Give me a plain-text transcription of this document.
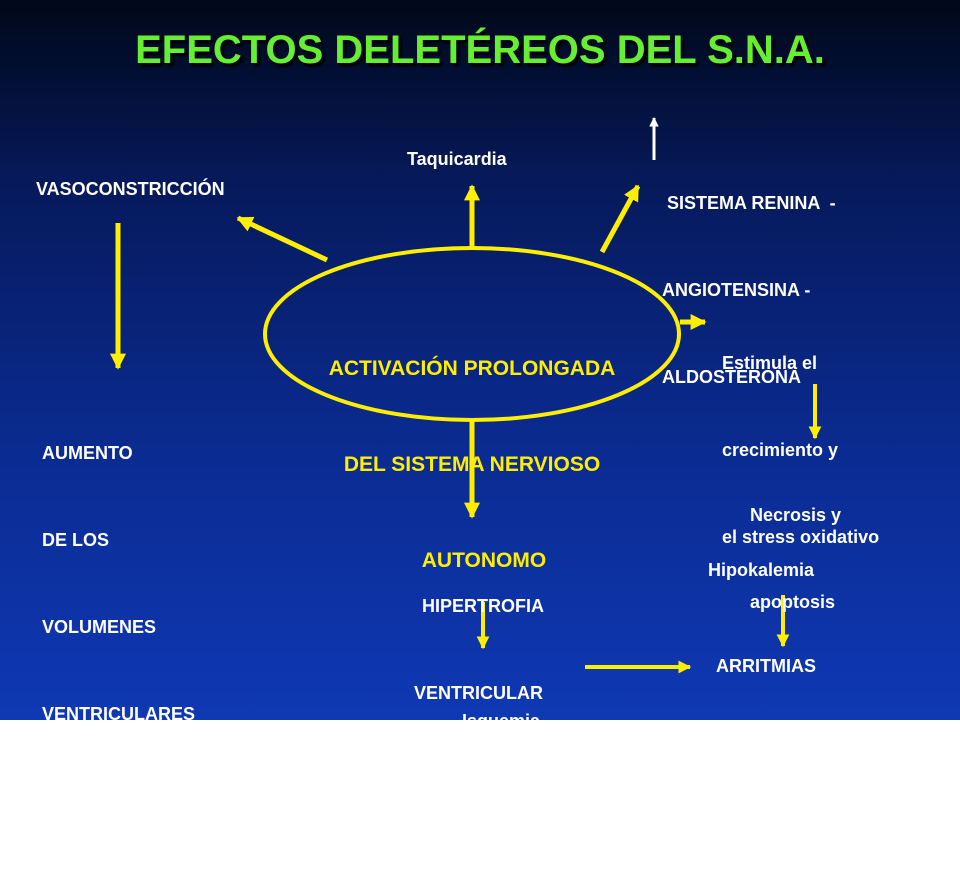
EFECTOS DELETÉREOS DEL S.N.A.

ACTIVACIÓN PROLONGADA

DEL SISTEMA NERVIOSO

AUTONOMO

VASOCONSTRICCIÓN
Taquicardia

SISTEMA RENINA  -

ANGIOTENSINA -

ALDOSTERONA

Estimula el

crecimiento y

el stress oxidativo

Necrosis y

apoptosis

AUMENTO

DE LOS

VOLUMENES

VENTRICULARES

Y DE LA T.A.

HIPERTROFIA

VENTRICULAR

Hipokalemia

Isquemia

miocárdica

ARRITMIAS
